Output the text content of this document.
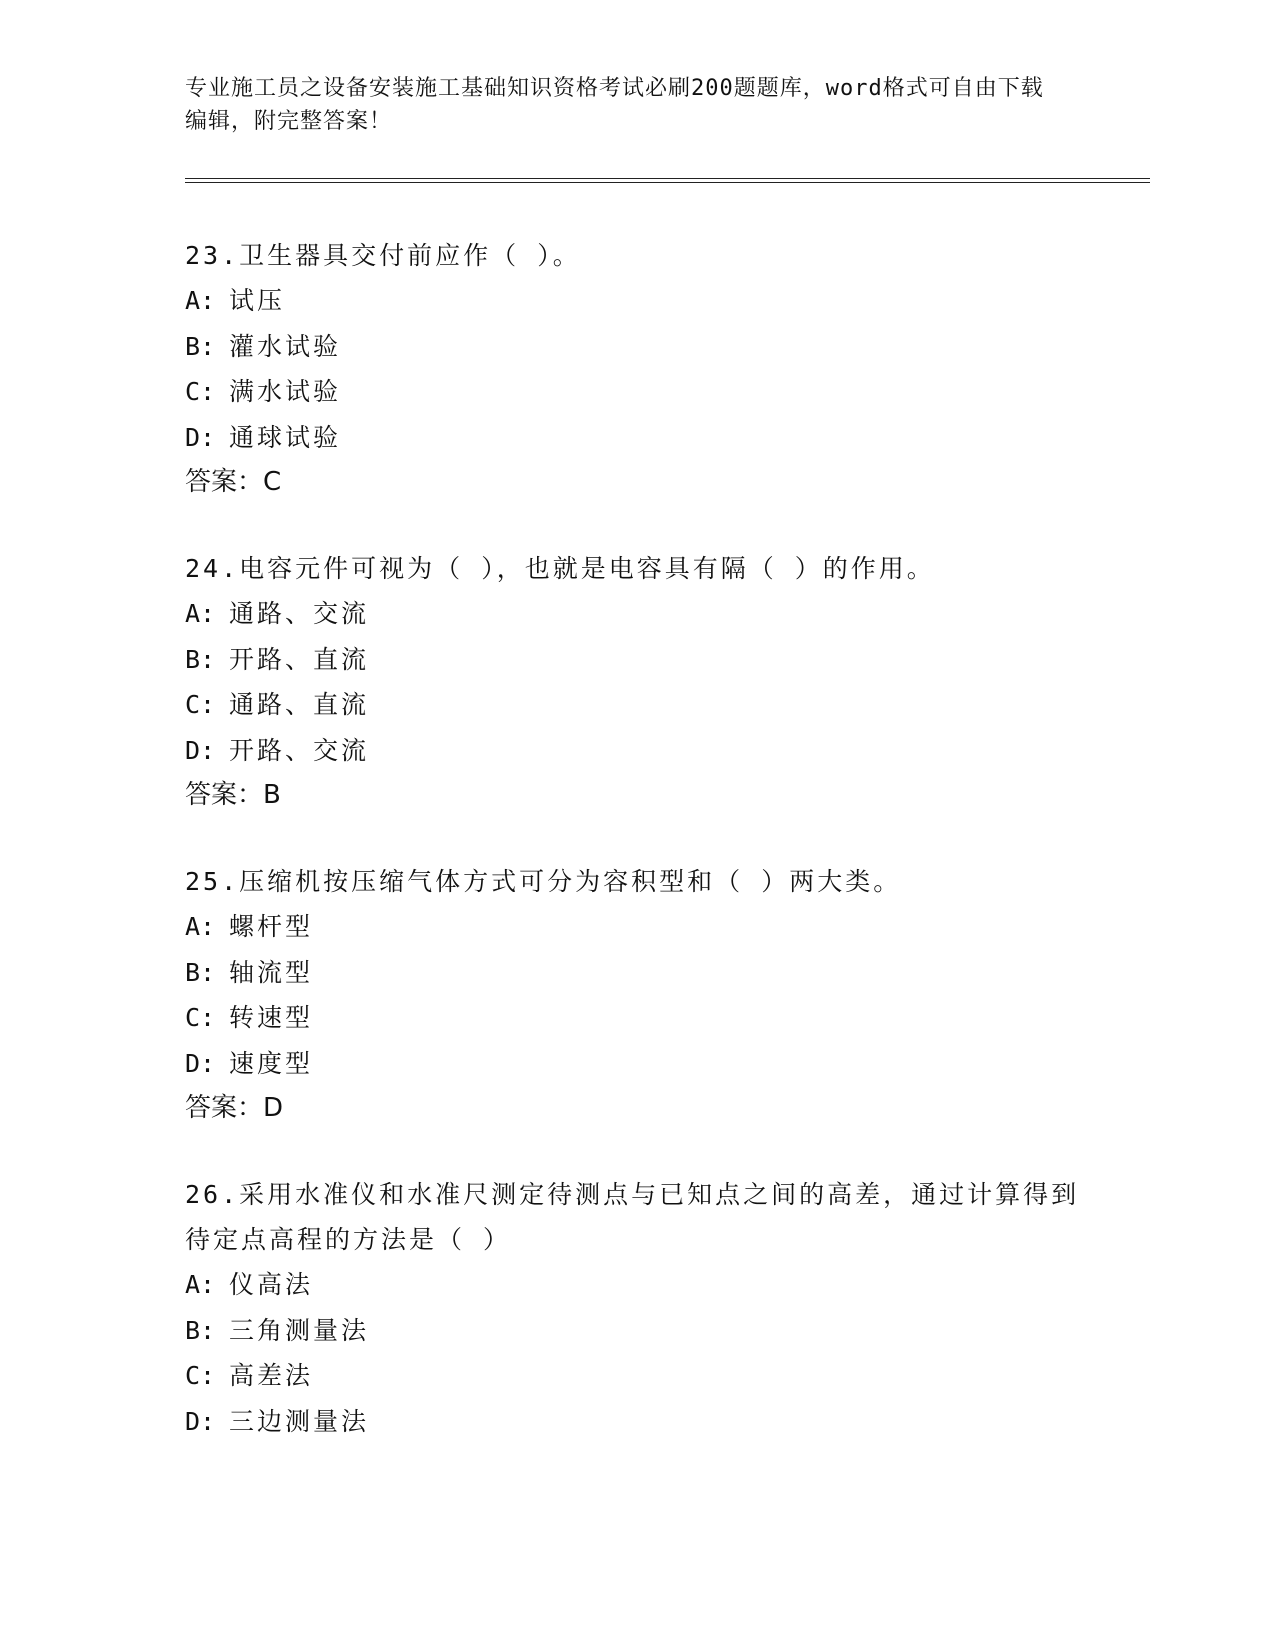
专业施工员之设备安装施工基础知识资格考试必刷200题题库，word格式可自由下载编辑，附完整答案！

23.卫生器具交付前应作（ ）。

A: 试压

B: 灌水试验

C: 满水试验

D: 通球试验

答案：C

24.电容元件可视为（ ），也就是电容具有隔（ ）的作用。

A: 通路、交流

B: 开路、直流

C: 通路、直流

D: 开路、交流

答案：B

25.压缩机按压缩气体方式可分为容积型和（ ）两大类。

A: 螺杆型

B: 轴流型

C: 转速型

D: 速度型

答案：D

26.采用水准仪和水准尺测定待测点与已知点之间的高差，通过计算得到待定点高程的方法是（ ）

A: 仪高法

B: 三角测量法

C: 高差法

D: 三边测量法
